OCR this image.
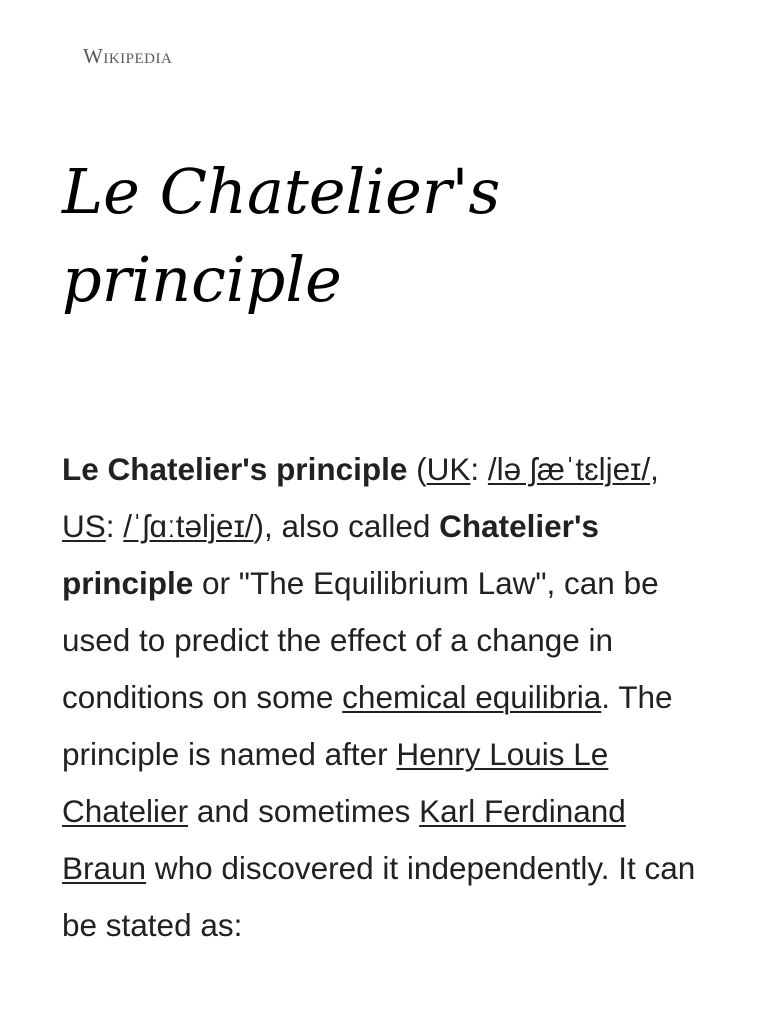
Wikipedia
Le Chatelier's principle

Le Chatelier's principle (UK: /lə ʃæˈtɛljeɪ/, US: /ˈʃɑːtəljeɪ/), also called Chatelier's principle or "The Equilibrium Law", can be used to predict the effect of a change in conditions on some chemical equilibria. The principle is named after Henry Louis Le Chatelier and sometimes Karl Ferdinand Braun who discovered it independently. It can be stated as:
